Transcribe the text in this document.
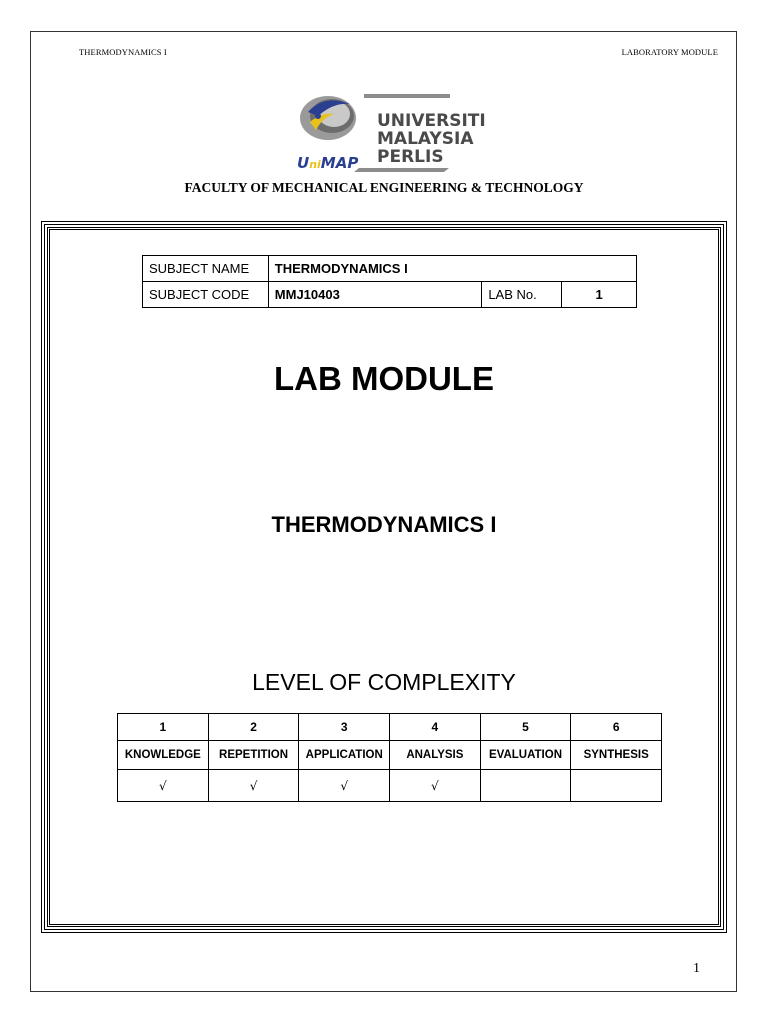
THERMODYNAMICS I	LABORATORY MODULE
UniMAP
UNIVERSITI
MALAYSIA
PERLIS
FACULTY OF MECHANICAL ENGINEERING & TECHNOLOGY
SUBJECT NAME	THERMODYNAMICS I		
SUBJECT CODE	MMJ10403	LAB No.	1
LAB MODULE
THERMODYNAMICS I
LEVEL OF COMPLEXITY
1	2	3	4	5	6
KNOWLEDGE	REPETITION	APPLICATION	ANALYSIS	EVALUATION	SYNTHESIS
√	√	√	√		
1
